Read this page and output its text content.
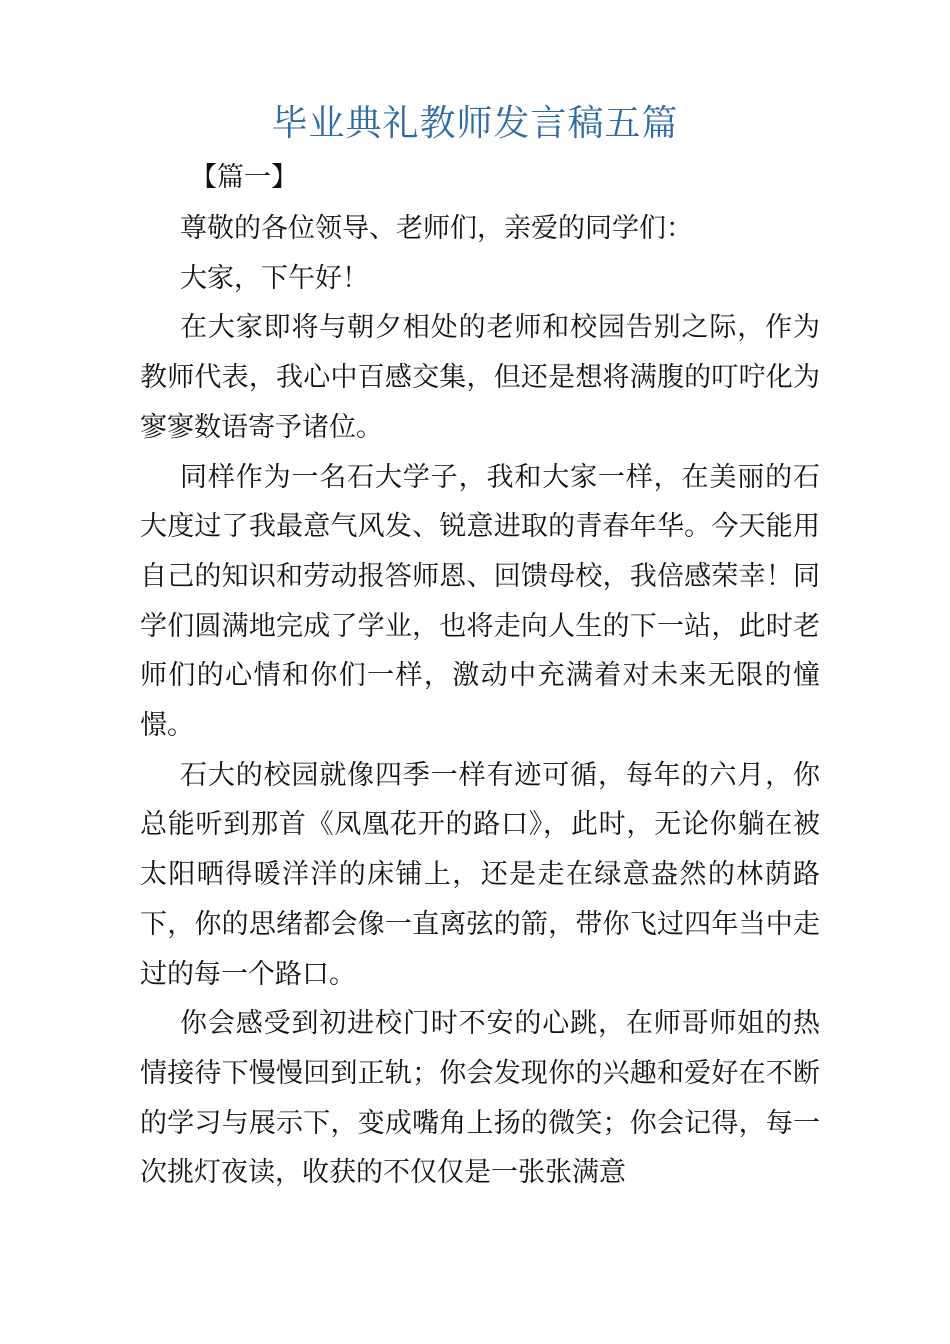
毕业典礼教师发言稿五篇
【篇一】

尊敬的各位领导、老师们，亲爱的同学们：

大家，下午好！

在大家即将与朝夕相处的老师和校园告别之际，作为教师代表，我心中百感交集，但还是想将满腹的叮咛化为寥寥数语寄予诸位。

同样作为一名石大学子，我和大家一样，在美丽的石大度过了我最意气风发、锐意进取的青春年华。今天能用自己的知识和劳动报答师恩、回馈母校，我倍感荣幸！同学们圆满地完成了学业，也将走向人生的下一站，此时老师们的心情和你们一样，激动中充满着对未来无限的憧憬。

石大的校园就像四季一样有迹可循，每年的六月，你总能听到那首《凤凰花开的路口》，此时，无论你躺在被太阳晒得暖洋洋的床铺上，还是走在绿意盎然的林荫路下，你的思绪都会像一直离弦的箭，带你飞过四年当中走过的每一个路口。

你会感受到初进校门时不安的心跳，在师哥师姐的热情接待下慢慢回到正轨；你会发现你的兴趣和爱好在不断的学习与展示下，变成嘴角上扬的微笑；你会记得，每一次挑灯夜读，收获的不仅仅是一张张满意
